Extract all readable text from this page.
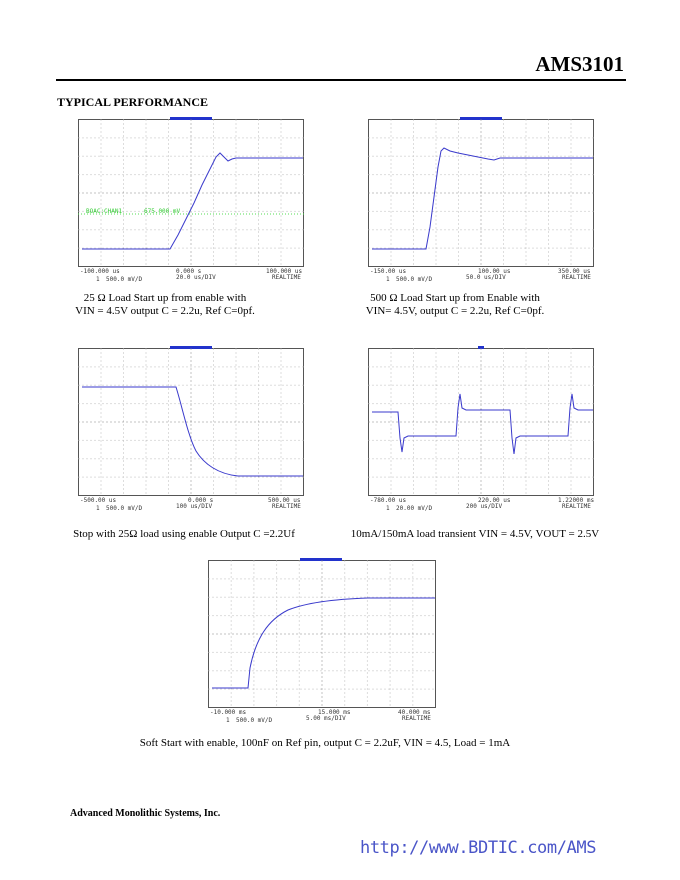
AMS3101
TYPICAL PERFORMANCE
BOAC:CHAN1	675.000 mV
-100.000 us	0.000 s	100.000 us
20.0 us/DIV	REALTIME
1 500.0 mV/D
25 Ω Load Start up from enable with
VIN = 4.5V output C = 2.2u, Ref C=0pf.
-150.00 us	100.00 us	350.00 us
50.0 us/DIV	REALTIME
1 500.0 mV/D
500 Ω Load Start up from Enable with
VIN= 4.5V, output C = 2.2u, Ref C=0pf.
-500.00 us	0.000 s	500.00 us
100 us/DIV	REALTIME
1 500.0 mV/D
Stop with 25Ω load using enable Output C =2.2Uf
-780.00 us	220.00 us	1.22000 ms
200 us/DIV	REALTIME
1 20.00 mV/D
10mA/150mA load transient VIN = 4.5V, VOUT = 2.5V
-10.000 ms	15.000 ms	40.000 ms
5.00 ms/DIV	REALTIME
1 500.0 mV/D
Soft Start with enable, 100nF on Ref pin, output C = 2.2uF, VIN = 4.5, Load = 1mA
Advanced Monolithic Systems, Inc.
http://www.BDTIC.com/AMS
